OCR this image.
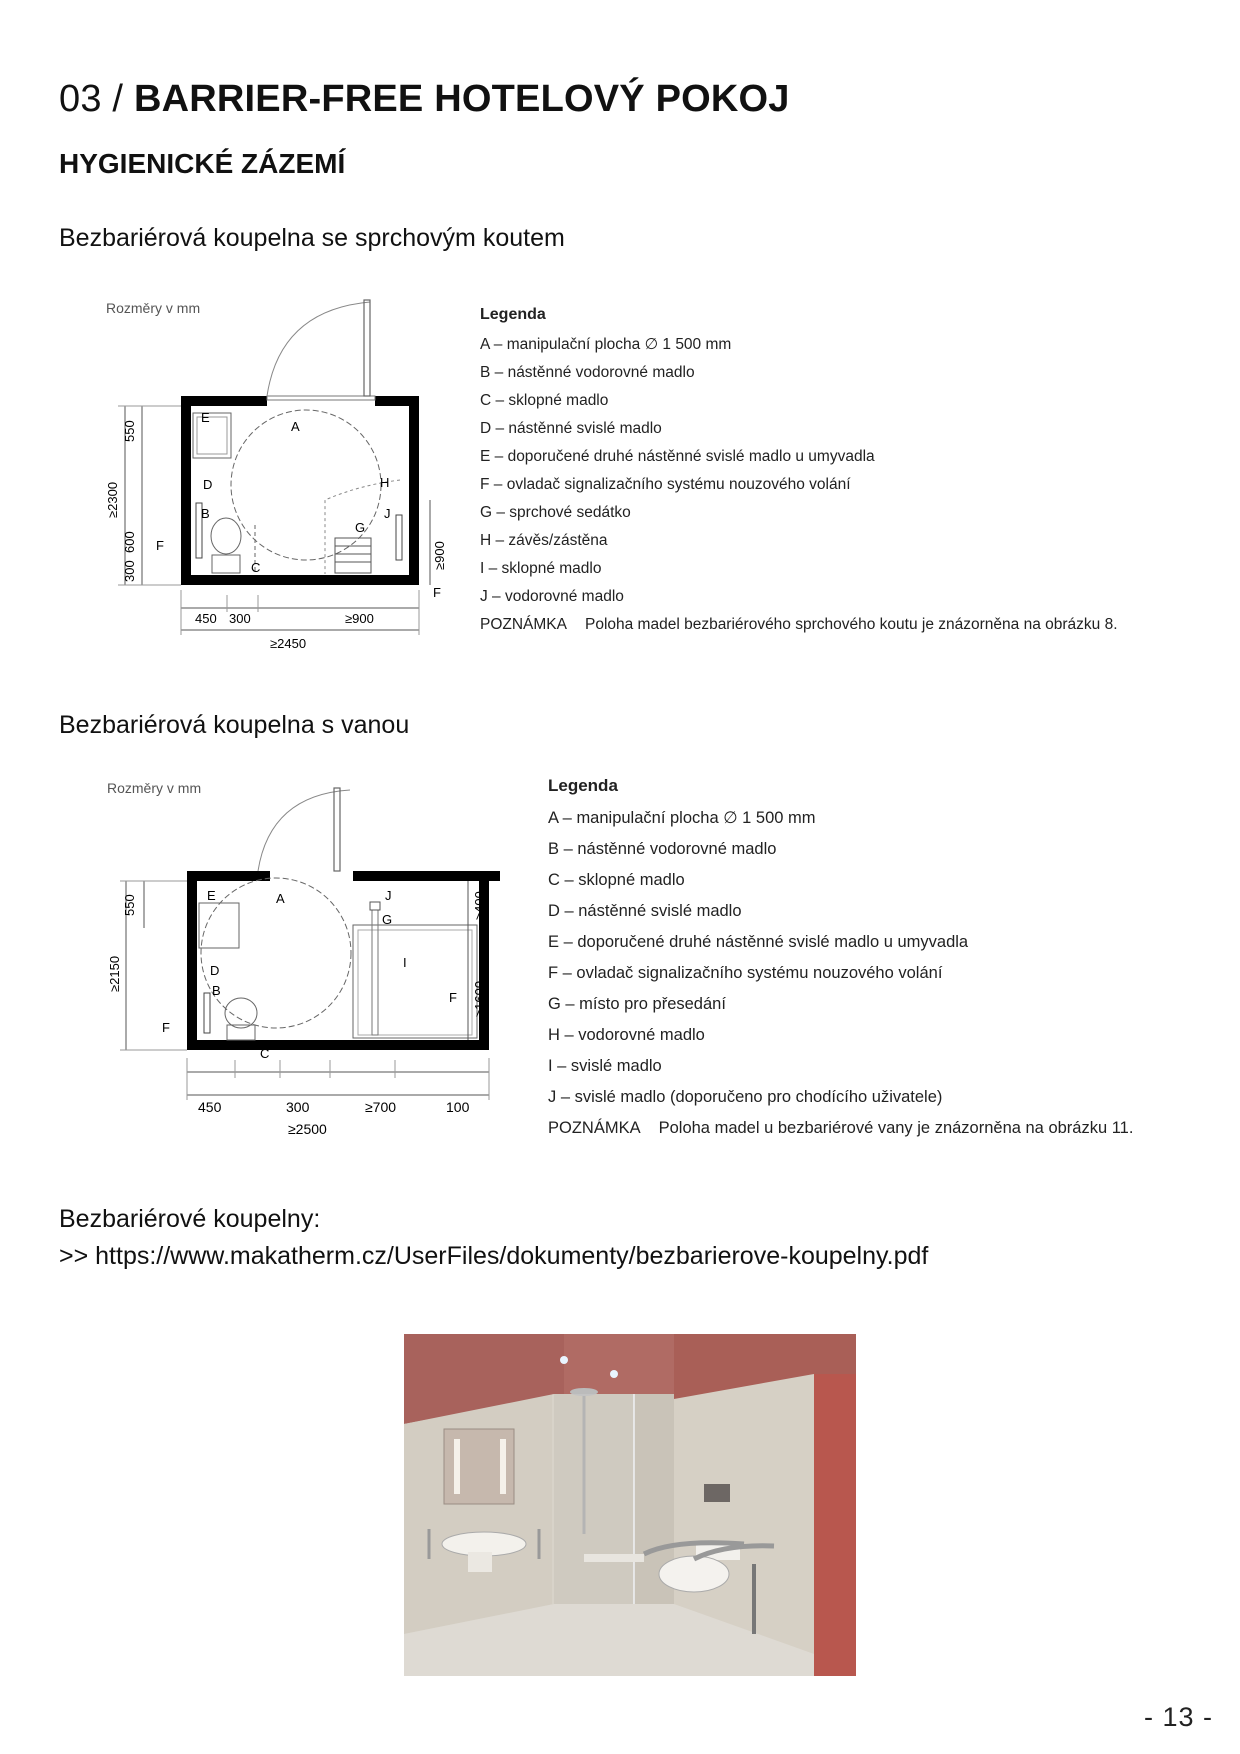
03 / BARRIER-FREE HOTELOVÝ POKOJ
HYGIENICKÉ ZÁZEMÍ
Bezbariérová koupelna se sprchovým koutem
Rozměry v mm
E
A
D
B
C
F
H
G
J
F
550
≥2300
600
300
≥900
450 300	≥900
≥2450
Legenda
A – manipulační plocha ∅ 1 500 mm
B – nástěnné vodorovné madlo
C – sklopné madlo
D – nástěnné svislé madlo
E – doporučené druhé nástěnné svislé madlo u umyvadla
F – ovladač signalizačního systému nouzového volání
G – sprchové sedátko
H – závěs/zástěna
I – sklopné madlo
J – vodorovné madlo
POZNÁMKA Poloha madel bezbariérového sprchového koutu je znázorněna na obrázku 8.
Bezbariérová koupelna s vanou
Rozměry v mm
E	A
D
B
C
F
J
G
I
F
550
≥2150
≥400
≥1600
450	300	≥700	100
≥2500
Legenda
A – manipulační plocha ∅ 1 500 mm
B – nástěnné vodorovné madlo
C – sklopné madlo
D – nástěnné svislé madlo
E – doporučené druhé nástěnné svislé madlo u umyvadla
F – ovladač signalizačního systému nouzového volání
G – místo pro přesedání
H – vodorovné madlo
I – svislé madlo
J – svislé madlo (doporučeno pro chodícího uživatele)
POZNÁMKA Poloha madel u bezbariérové vany je znázorněna na obrázku 11.
Bezbariérové koupelny:
>> https://www.makatherm.cz/UserFiles/dokumenty/bezbarierove-koupelny.pdf
- 13 -
